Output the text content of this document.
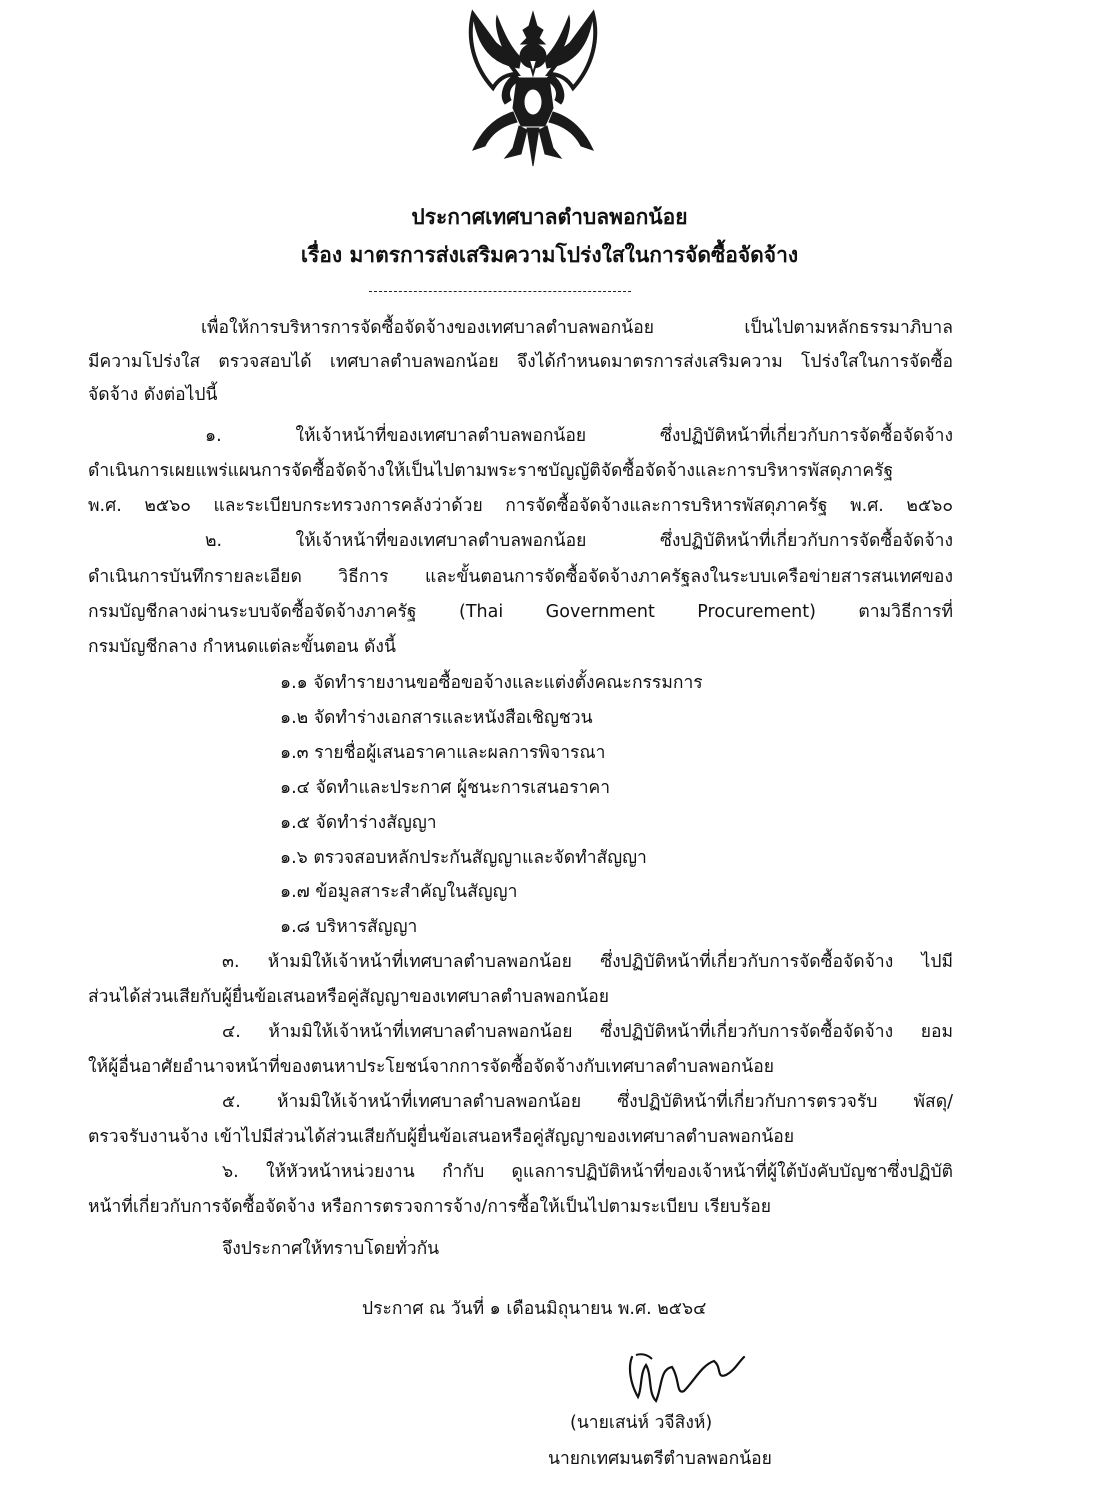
ประกาศเทศบาลตำบลพอกน้อย
เรื่อง มาตรการส่งเสริมความโปร่งใสในการจัดซื้อจัดจ้าง
เพื่อให้การบริหารการจัดซื้อจัดจ้างของเทศบาลตำบลพอกน้อย เป็นไปตามหลักธรรมาภิบาล
มีความโปร่งใส ตรวจสอบได้ เทศบาลตำบลพอกน้อย จึงได้กำหนดมาตรการส่งเสริมความ โปร่งใสในการจัดซื้อ
จัดจ้าง ดังต่อไปนี้
๑. ให้เจ้าหน้าที่ของเทศบาลตำบลพอกน้อย ซึ่งปฏิบัติหน้าที่เกี่ยวกับการจัดซื้อจัดจ้าง
ดำเนินการเผยแพร่แผนการจัดซื้อจัดจ้างให้เป็นไปตามพระราชบัญญัติจัดซื้อจัดจ้างและการบริหารพัสดุภาครัฐ
พ.ศ. ๒๕๖๐ และระเบียบกระทรวงการคลังว่าด้วย การจัดซื้อจัดจ้างและการบริหารพัสดุภาครัฐ พ.ศ. ๒๕๖๐
๒. ให้เจ้าหน้าที่ของเทศบาลตำบลพอกน้อย ซึ่งปฏิบัติหน้าที่เกี่ยวกับการจัดซื้อจัดจ้าง
ดำเนินการบันทึกรายละเอียด วิธีการ และขั้นตอนการจัดซื้อจัดจ้างภาครัฐลงในระบบเครือข่ายสารสนเทศของ
กรมบัญชีกลางผ่านระบบจัดซื้อจัดจ้างภาครัฐ (Thai Government Procurement) ตามวิธีการที่
กรมบัญชีกลาง กำหนดแต่ละขั้นตอน ดังนี้
๑.๑ จัดทำรายงานขอซื้อขอจ้างและแต่งตั้งคณะกรรมการ
๑.๒ จัดทำร่างเอกสารและหนังสือเชิญชวน
๑.๓ รายชื่อผู้เสนอราคาและผลการพิจารณา
๑.๔ จัดทำและประกาศ ผู้ชนะการเสนอราคา
๑.๕ จัดทำร่างสัญญา
๑.๖ ตรวจสอบหลักประกันสัญญาและจัดทำสัญญา
๑.๗ ข้อมูลสาระสำคัญในสัญญา
๑.๘ บริหารสัญญา
๓. ห้ามมิให้เจ้าหน้าที่เทศบาลตำบลพอกน้อย ซึ่งปฏิบัติหน้าที่เกี่ยวกับการจัดซื้อจัดจ้าง ไปมี
ส่วนได้ส่วนเสียกับผู้ยื่นข้อเสนอหรือคู่สัญญาของเทศบาลตำบลพอกน้อย
๔. ห้ามมิให้เจ้าหน้าที่เทศบาลตำบลพอกน้อย ซึ่งปฏิบัติหน้าที่เกี่ยวกับการจัดซื้อจัดจ้าง ยอม
ให้ผู้อื่นอาศัยอำนาจหน้าที่ของตนหาประโยชน์จากการจัดซื้อจัดจ้างกับเทศบาลตำบลพอกน้อย
๕. ห้ามมิให้เจ้าหน้าที่เทศบาลตำบลพอกน้อย ซึ่งปฏิบัติหน้าที่เกี่ยวกับการตรวจรับ พัสดุ/
ตรวจรับงานจ้าง เข้าไปมีส่วนได้ส่วนเสียกับผู้ยื่นข้อเสนอหรือคู่สัญญาของเทศบาลตำบลพอกน้อย
๖. ให้หัวหน้าหน่วยงาน กำกับ ดูแลการปฏิบัติหน้าที่ของเจ้าหน้าที่ผู้ใต้บังคับบัญชาซึ่งปฏิบัติ
หน้าที่เกี่ยวกับการจัดซื้อจัดจ้าง หรือการตรวจการจ้าง/การซื้อให้เป็นไปตามระเบียบ เรียบร้อย
จึงประกาศให้ทราบโดยทั่วกัน
ประกาศ ณ วันที่ ๑ เดือนมิถุนายน พ.ศ. ๒๕๖๔
(นายเสน่ห์ วจีสิงห์)
นายกเทศมนตรีตำบลพอกน้อย
